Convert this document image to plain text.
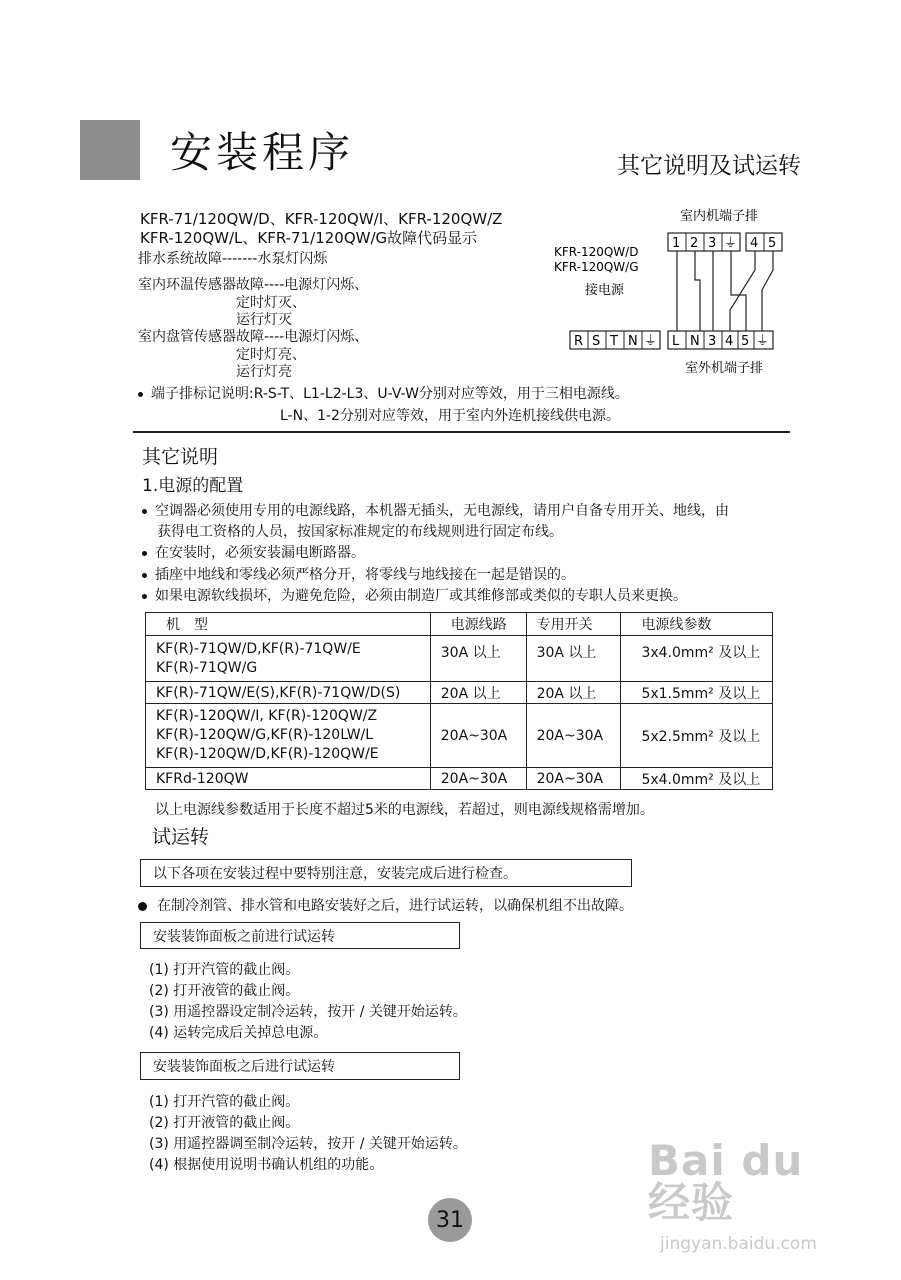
安装程序	其它说明及试运转
KFR-71/120QW/D、KFR-120QW/I、KFR-120QW/Z
KFR-120QW/L、KFR-71/120QW/G故障代码显示
排水系统故障-------水泵灯闪烁
室内环温传感器故障----电源灯闪烁、
定时灯灭、
运行灯灭
室内盘管传感器故障----电源灯闪烁、
定时灯亮、
运行灯亮
室内机端子排
1 2 3 ⏚ 4 5
KFR-120QW/D
KFR-120QW/G
接电源
R S T N ⏚ L N 3 4 5 ⏚
室外机端子排
端子排标记说明:R-S-T、L1-L2-L3、U-V-W分别对应等效，用于三相电源线。
L-N、1-2分别对应等效，用于室内外连机接线供电源。
其它说明
1.电源的配置
空调器必须使用专用的电源线路，本机器无插头，无电源线，请用户自备专用开关、地线，由
获得电工资格的人员，按国家标准规定的布线规则进行固定布线。
在安装时，必须安装漏电断路器。
插座中地线和零线必须严格分开，将零线与地线接在一起是错误的。
如果电源软线损坏，为避免危险，必须由制造厂或其维修部或类似的专职人员来更换。
机　型	电源线路	专用开关	电源线参数

KF(R)-71QW/D,KF(R)-71QW/E
KF(R)-71QW/G	30A 以上	30A 以上	3x4.0mm² 及以上
KF(R)-71QW/E(S),KF(R)-71QW/D(S)	20A 以上	20A 以上	5x1.5mm² 及以上

KF(R)-120QW/I, KF(R)-120QW/Z
KF(R)-120QW/G,KF(R)-120LW/L
KF(R)-120QW/D,KF(R)-120QW/E	20A~30A	20A~30A	5x2.5mm² 及以上
KFRd-120QW	20A~30A	20A~30A	5x4.0mm² 及以上
以上电源线参数适用于长度不超过5米的电源线，若超过，则电源线规格需增加。
试运转
以下各项在安装过程中要特别注意，安装完成后进行检查。
在制冷剂管、排水管和电路安装好之后，进行试运转，以确保机组不出故障。
安装装饰面板之前进行试运转
(1) 打开汽管的截止阀。
(2) 打开液管的截止阀。
(3) 用遥控器设定制冷运转，按开 / 关键开始运转。
(4) 运转完成后关掉总电源。
安装装饰面板之后进行试运转
(1) 打开汽管的截止阀。
(2) 打开液管的截止阀。
(3) 用遥控器调至制冷运转，按开 / 关键开始运转。
(4) 根据使用说明书确认机组的功能。
31
Bai du 经验
jingyan.baidu.com
